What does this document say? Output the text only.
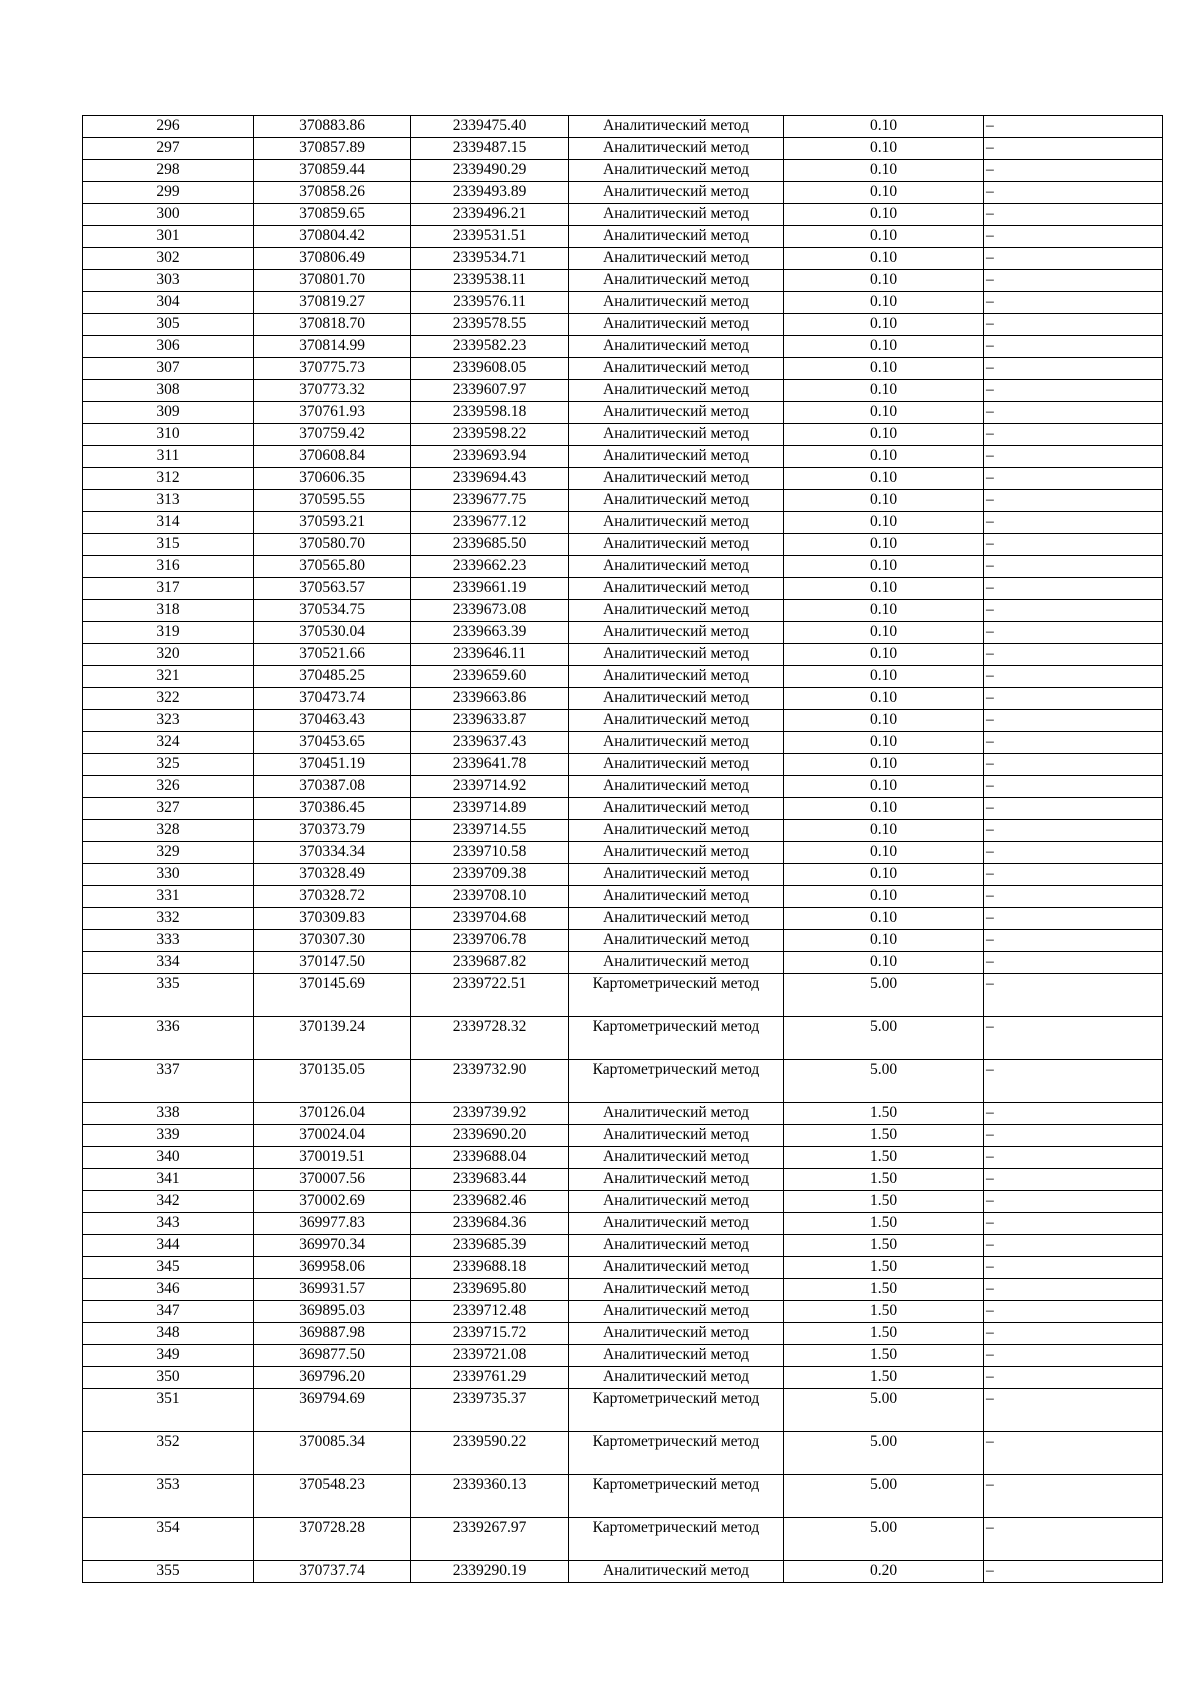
296	370883.86	2339475.40	Аналитический метод	0.10	–
297	370857.89	2339487.15	Аналитический метод	0.10	–
298	370859.44	2339490.29	Аналитический метод	0.10	–
299	370858.26	2339493.89	Аналитический метод	0.10	–
300	370859.65	2339496.21	Аналитический метод	0.10	–
301	370804.42	2339531.51	Аналитический метод	0.10	–
302	370806.49	2339534.71	Аналитический метод	0.10	–
303	370801.70	2339538.11	Аналитический метод	0.10	–
304	370819.27	2339576.11	Аналитический метод	0.10	–
305	370818.70	2339578.55	Аналитический метод	0.10	–
306	370814.99	2339582.23	Аналитический метод	0.10	–
307	370775.73	2339608.05	Аналитический метод	0.10	–
308	370773.32	2339607.97	Аналитический метод	0.10	–
309	370761.93	2339598.18	Аналитический метод	0.10	–
310	370759.42	2339598.22	Аналитический метод	0.10	–
311	370608.84	2339693.94	Аналитический метод	0.10	–
312	370606.35	2339694.43	Аналитический метод	0.10	–
313	370595.55	2339677.75	Аналитический метод	0.10	–
314	370593.21	2339677.12	Аналитический метод	0.10	–
315	370580.70	2339685.50	Аналитический метод	0.10	–
316	370565.80	2339662.23	Аналитический метод	0.10	–
317	370563.57	2339661.19	Аналитический метод	0.10	–
318	370534.75	2339673.08	Аналитический метод	0.10	–
319	370530.04	2339663.39	Аналитический метод	0.10	–
320	370521.66	2339646.11	Аналитический метод	0.10	–
321	370485.25	2339659.60	Аналитический метод	0.10	–
322	370473.74	2339663.86	Аналитический метод	0.10	–
323	370463.43	2339633.87	Аналитический метод	0.10	–
324	370453.65	2339637.43	Аналитический метод	0.10	–
325	370451.19	2339641.78	Аналитический метод	0.10	–
326	370387.08	2339714.92	Аналитический метод	0.10	–
327	370386.45	2339714.89	Аналитический метод	0.10	–
328	370373.79	2339714.55	Аналитический метод	0.10	–
329	370334.34	2339710.58	Аналитический метод	0.10	–
330	370328.49	2339709.38	Аналитический метод	0.10	–
331	370328.72	2339708.10	Аналитический метод	0.10	–
332	370309.83	2339704.68	Аналитический метод	0.10	–
333	370307.30	2339706.78	Аналитический метод	0.10	–
334	370147.50	2339687.82	Аналитический метод	0.10	–
335	370145.69	2339722.51	Картометрический метод	5.00	–
336	370139.24	2339728.32	Картометрический метод	5.00	–
337	370135.05	2339732.90	Картометрический метод	5.00	–
338	370126.04	2339739.92	Аналитический метод	1.50	–
339	370024.04	2339690.20	Аналитический метод	1.50	–
340	370019.51	2339688.04	Аналитический метод	1.50	–
341	370007.56	2339683.44	Аналитический метод	1.50	–
342	370002.69	2339682.46	Аналитический метод	1.50	–
343	369977.83	2339684.36	Аналитический метод	1.50	–
344	369970.34	2339685.39	Аналитический метод	1.50	–
345	369958.06	2339688.18	Аналитический метод	1.50	–
346	369931.57	2339695.80	Аналитический метод	1.50	–
347	369895.03	2339712.48	Аналитический метод	1.50	–
348	369887.98	2339715.72	Аналитический метод	1.50	–
349	369877.50	2339721.08	Аналитический метод	1.50	–
350	369796.20	2339761.29	Аналитический метод	1.50	–
351	369794.69	2339735.37	Картометрический метод	5.00	–
352	370085.34	2339590.22	Картометрический метод	5.00	–
353	370548.23	2339360.13	Картометрический метод	5.00	–
354	370728.28	2339267.97	Картометрический метод	5.00	–
355	370737.74	2339290.19	Аналитический метод	0.20	–
